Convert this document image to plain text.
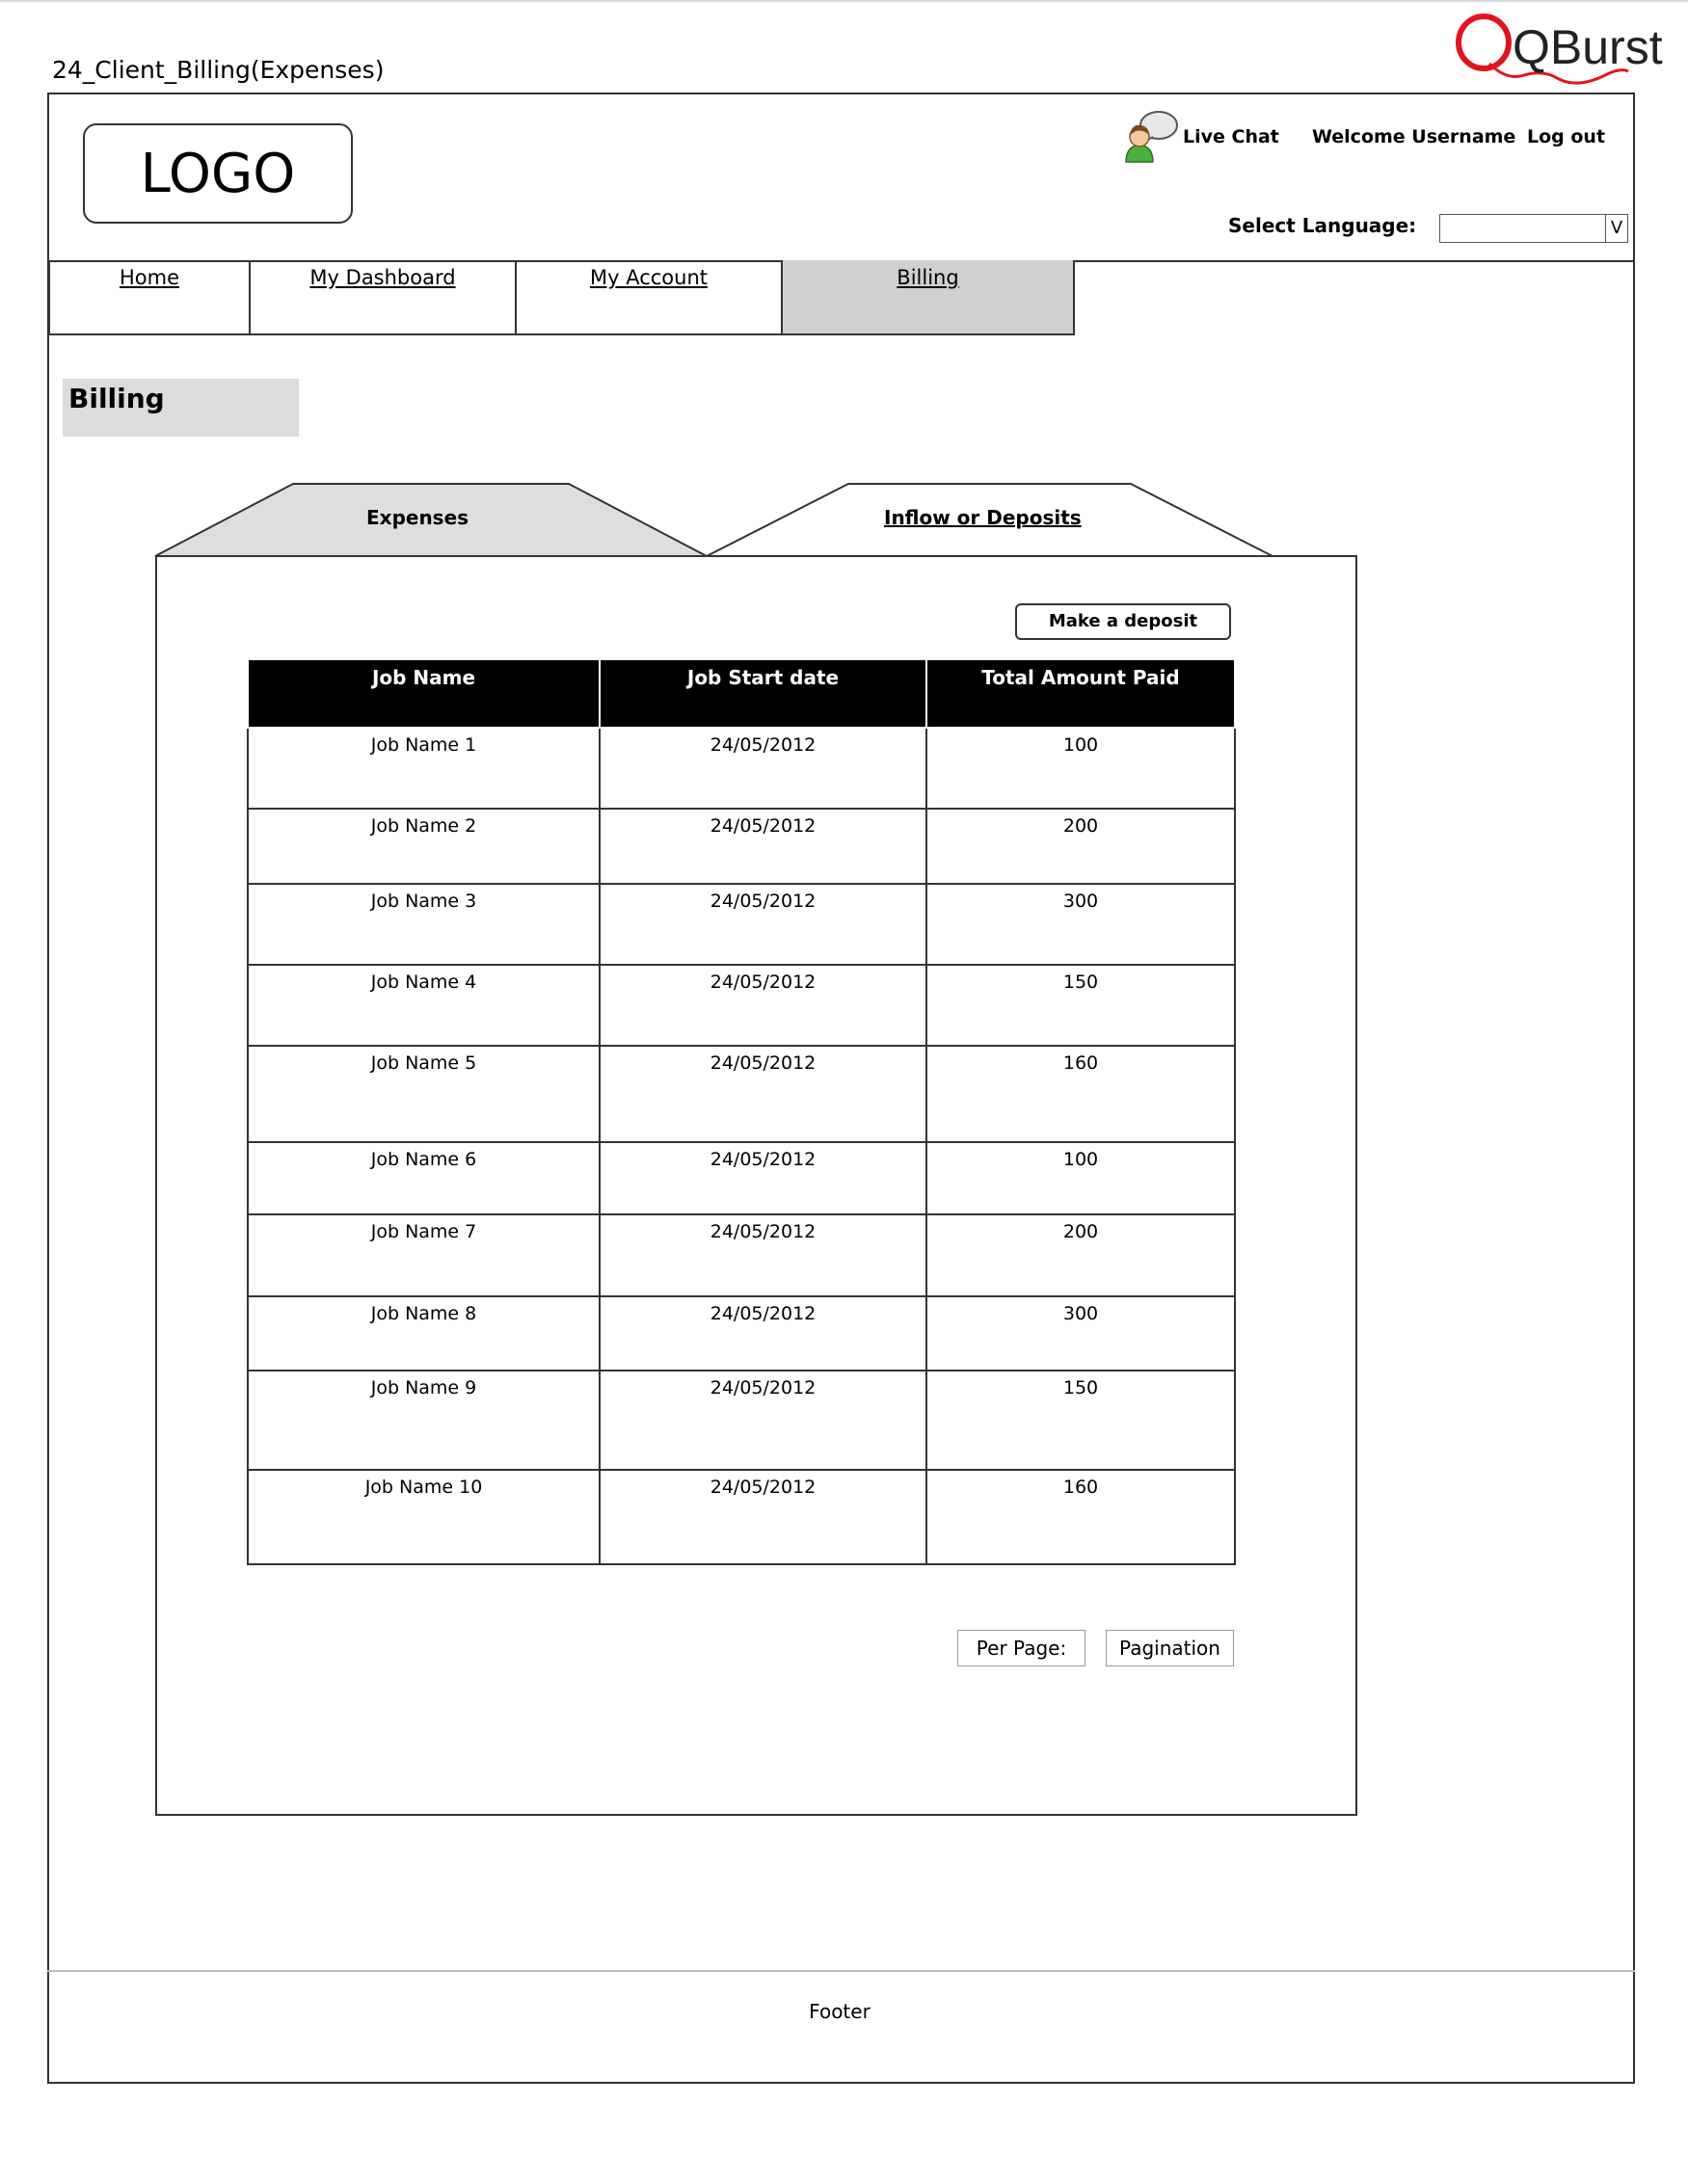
24_Client_Billing(Expenses)	QBurst
LOGO
Live Chat Welcome Username Log out
Select Language:	V
Home	My Dashboard	My Account	Billing
Billing
Expenses	Inflow or Deposits
Make a deposit
Job Name	Job Start date	Total Amount Paid
Job Name 1	24/05/2012	100
Job Name 2	24/05/2012	200
Job Name 3	24/05/2012	300
Job Name 4	24/05/2012	150
Job Name 5	24/05/2012	160
Job Name 6	24/05/2012	100
Job Name 7	24/05/2012	200
Job Name 8	24/05/2012	300
Job Name 9	24/05/2012	150
Job Name 10	24/05/2012	160
Per Page:	Pagination
Footer
